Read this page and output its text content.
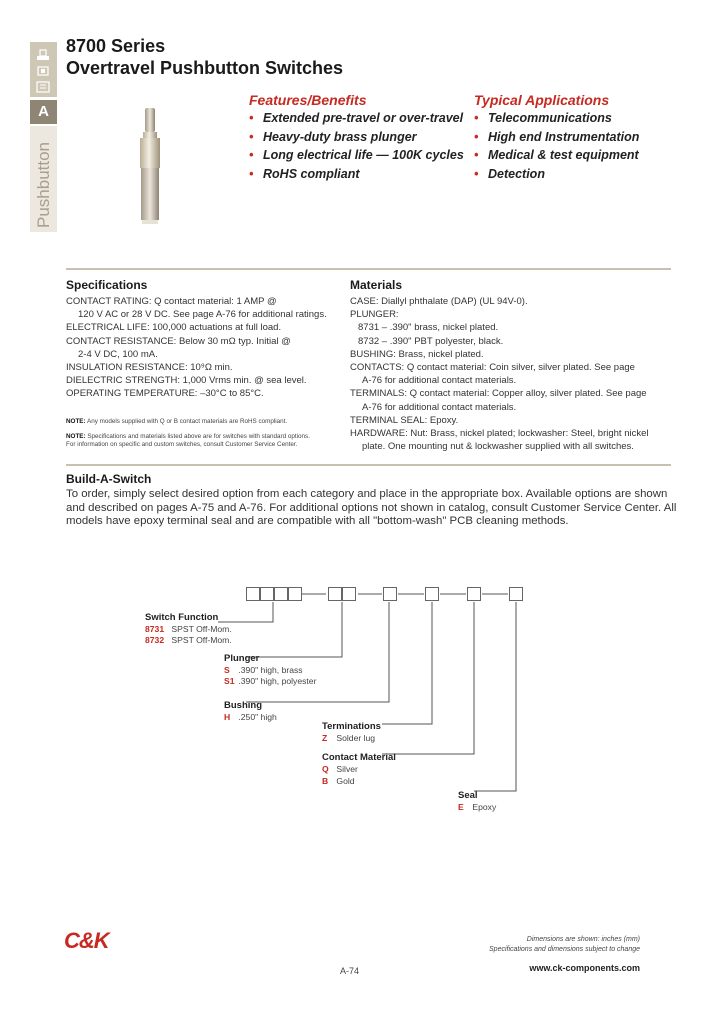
A
Pushbutton
8700 Series
Overtravel Pushbutton Switches
Features/Benefits
• Extended pre-travel or over-travel
• Heavy-duty brass plunger
• Long electrical life — 100K cycles
• RoHS compliant
Typical Applications
• Telecommunications
• High end Instrumentation
• Medical & test equipment
• Detection
Specifications

CONTACT RATING: Q contact material: 1 AMP @

120 V AC or 28 V DC. See page A-76 for additional ratings.

ELECTRICAL LIFE: 100,000 actuations at full load.

CONTACT RESISTANCE: Below 30 mΩ typ. Initial @

2-4 V DC, 100 mA.

INSULATION RESISTANCE: 10⁹Ω min.

DIELECTRIC STRENGTH: 1,000 Vrms min. @ sea level.

OPERATING TEMPERATURE: –30°C to 85°C.

NOTE: Any models supplied with Q or B contact materials are RoHS compliant.
NOTE: Specifications and materials listed above are for switches with standard options.
For information on specific and custom switches, consult Customer Service Center.
Materials

CASE: Diallyl phthalate (DAP) (UL 94V-0).

PLUNGER:

8731 – .390" brass, nickel plated.

8732 – .390" PBT polyester, black.

BUSHING: Brass, nickel plated.

CONTACTS: Q contact material: Coin silver, silver plated. See page

A-76 for additional contact materials.

TERMINALS: Q contact material: Copper alloy, silver plated. See page

A-76 for additional contact materials.

TERMINAL SEAL: Epoxy.

HARDWARE: Nut: Brass, nickel plated; lockwasher: Steel, bright nickel

plate. One mounting nut & lockwasher supplied with all switches.

Build-A-Switch
To order, simply select desired option from each category and place in the appropriate box. Available options are shown
and described on pages A-75 and A-76. For additional options not shown in catalog, consult Customer Service Center. All
models have epoxy terminal seal and are compatible with all "bottom-wash" PCB cleaning methods.
Switch Function
8731 SPST Off-Mom.
8732 SPST Off-Mom.
Plunger
S .390" high, brass
S1 .390" high, polyester
Bushing
H .250" high
Terminations
Z Solder lug
Contact Material
Q Silver
B Gold
Seal
E Epoxy
C&K
A-74
Dimensions are shown: inches (mm)
Specifications and dimensions subject to change
www.ck-components.com
